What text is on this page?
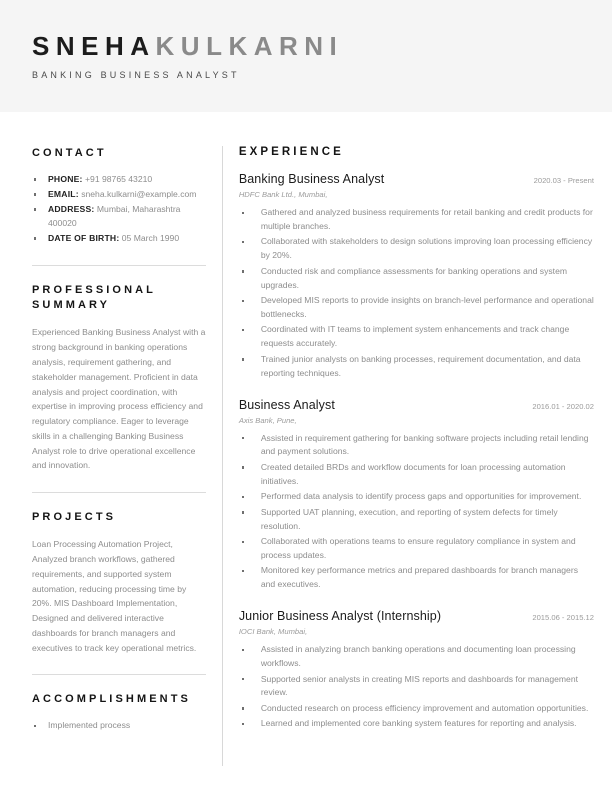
SNEHAKULKARNI
BANKING BUSINESS ANALYST
CONTACT
PHONE: +91 98765 43210
EMAIL: sneha.kulkarni@example.com
ADDRESS: Mumbai, Maharashtra 400020
DATE OF BIRTH: 05 March 1990
PROFESSIONAL SUMMARY

Experienced Banking Business Analyst with a strong background in banking operations analysis, requirement gathering, and stakeholder management. Proficient in data analysis and project coordination, with expertise in improving process efficiency and regulatory compliance. Eager to leverage skills in a challenging Banking Business Analyst role to drive operational excellence and innovation.

PROJECTS

Loan Processing Automation Project, Analyzed branch workflows, gathered requirements, and supported system automation, reducing processing time by 20%. MIS Dashboard Implementation, Designed and delivered interactive dashboards for branch managers and executives to track key operational metrics.

ACCOMPLISHMENTS
Implemented process
EXPERIENCE
Banking Business Analyst	2020.03 - Present
HDFC Bank Ltd., Mumbai,
Gathered and analyzed business requirements for retail banking and credit products for multiple branches.
Collaborated with stakeholders to design solutions improving loan processing efficiency by 20%.
Conducted risk and compliance assessments for banking operations and system upgrades.
Developed MIS reports to provide insights on branch-level performance and operational bottlenecks.
Coordinated with IT teams to implement system enhancements and track change requests accurately.
Trained junior analysts on banking processes, requirement documentation, and data reporting techniques.
Business Analyst	2016.01 - 2020.02
Axis Bank, Pune,
Assisted in requirement gathering for banking software projects including retail lending and payment solutions.
Created detailed BRDs and workflow documents for loan processing automation initiatives.
Performed data analysis to identify process gaps and opportunities for improvement.
Supported UAT planning, execution, and reporting of system defects for timely resolution.
Collaborated with operations teams to ensure regulatory compliance in system and process updates.
Monitored key performance metrics and prepared dashboards for branch managers and executives.
Junior Business Analyst (Internship)	2015.06 - 2015.12
IOCI Bank, Mumbai,
Assisted in analyzing branch banking operations and documenting loan processing workflows.
Supported senior analysts in creating MIS reports and dashboards for management review.
Conducted research on process efficiency improvement and automation opportunities.
Learned and implemented core banking system features for reporting and analysis.
